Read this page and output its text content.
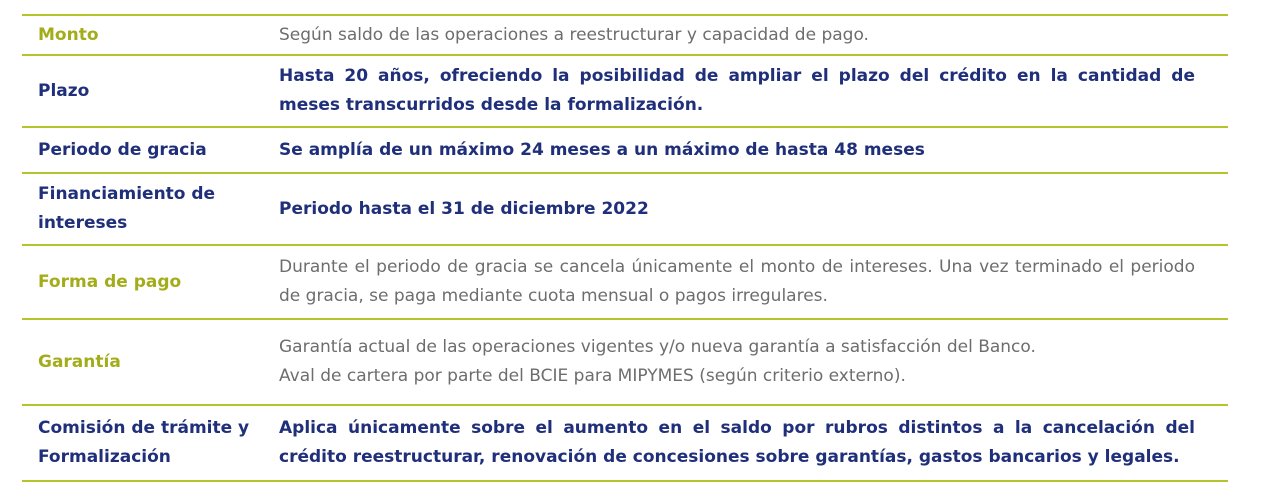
Monto	Según saldo de las operaciones a reestructurar y capacidad de pago.
Plazo
Hasta 20 años, ofreciendo la posibilidad de ampliar el plazo del crédito en la cantidad de meses transcurridos desde la formalización.
Periodo de gracia	Se amplía de un máximo 24 meses a un máximo de hasta 48 meses
Financiamiento de intereses
Periodo hasta el 31 de diciembre 2022
Forma de pago
Durante el periodo de gracia se cancela únicamente el monto de intereses. Una vez terminado el periodo de gracia, se paga mediante cuota mensual o pagos irregulares.
Garantía
Garantía actual de las operaciones vigentes y/o nueva garantía a satisfacción del Banco.
Aval de cartera por parte del BCIE para MIPYMES (según criterio externo).
Comisión de trámite y Formalización
Aplica únicamente sobre el aumento en el saldo por rubros distintos a la cancelación del crédito reestructurar, renovación de concesiones sobre garantías, gastos bancarios y legales.
